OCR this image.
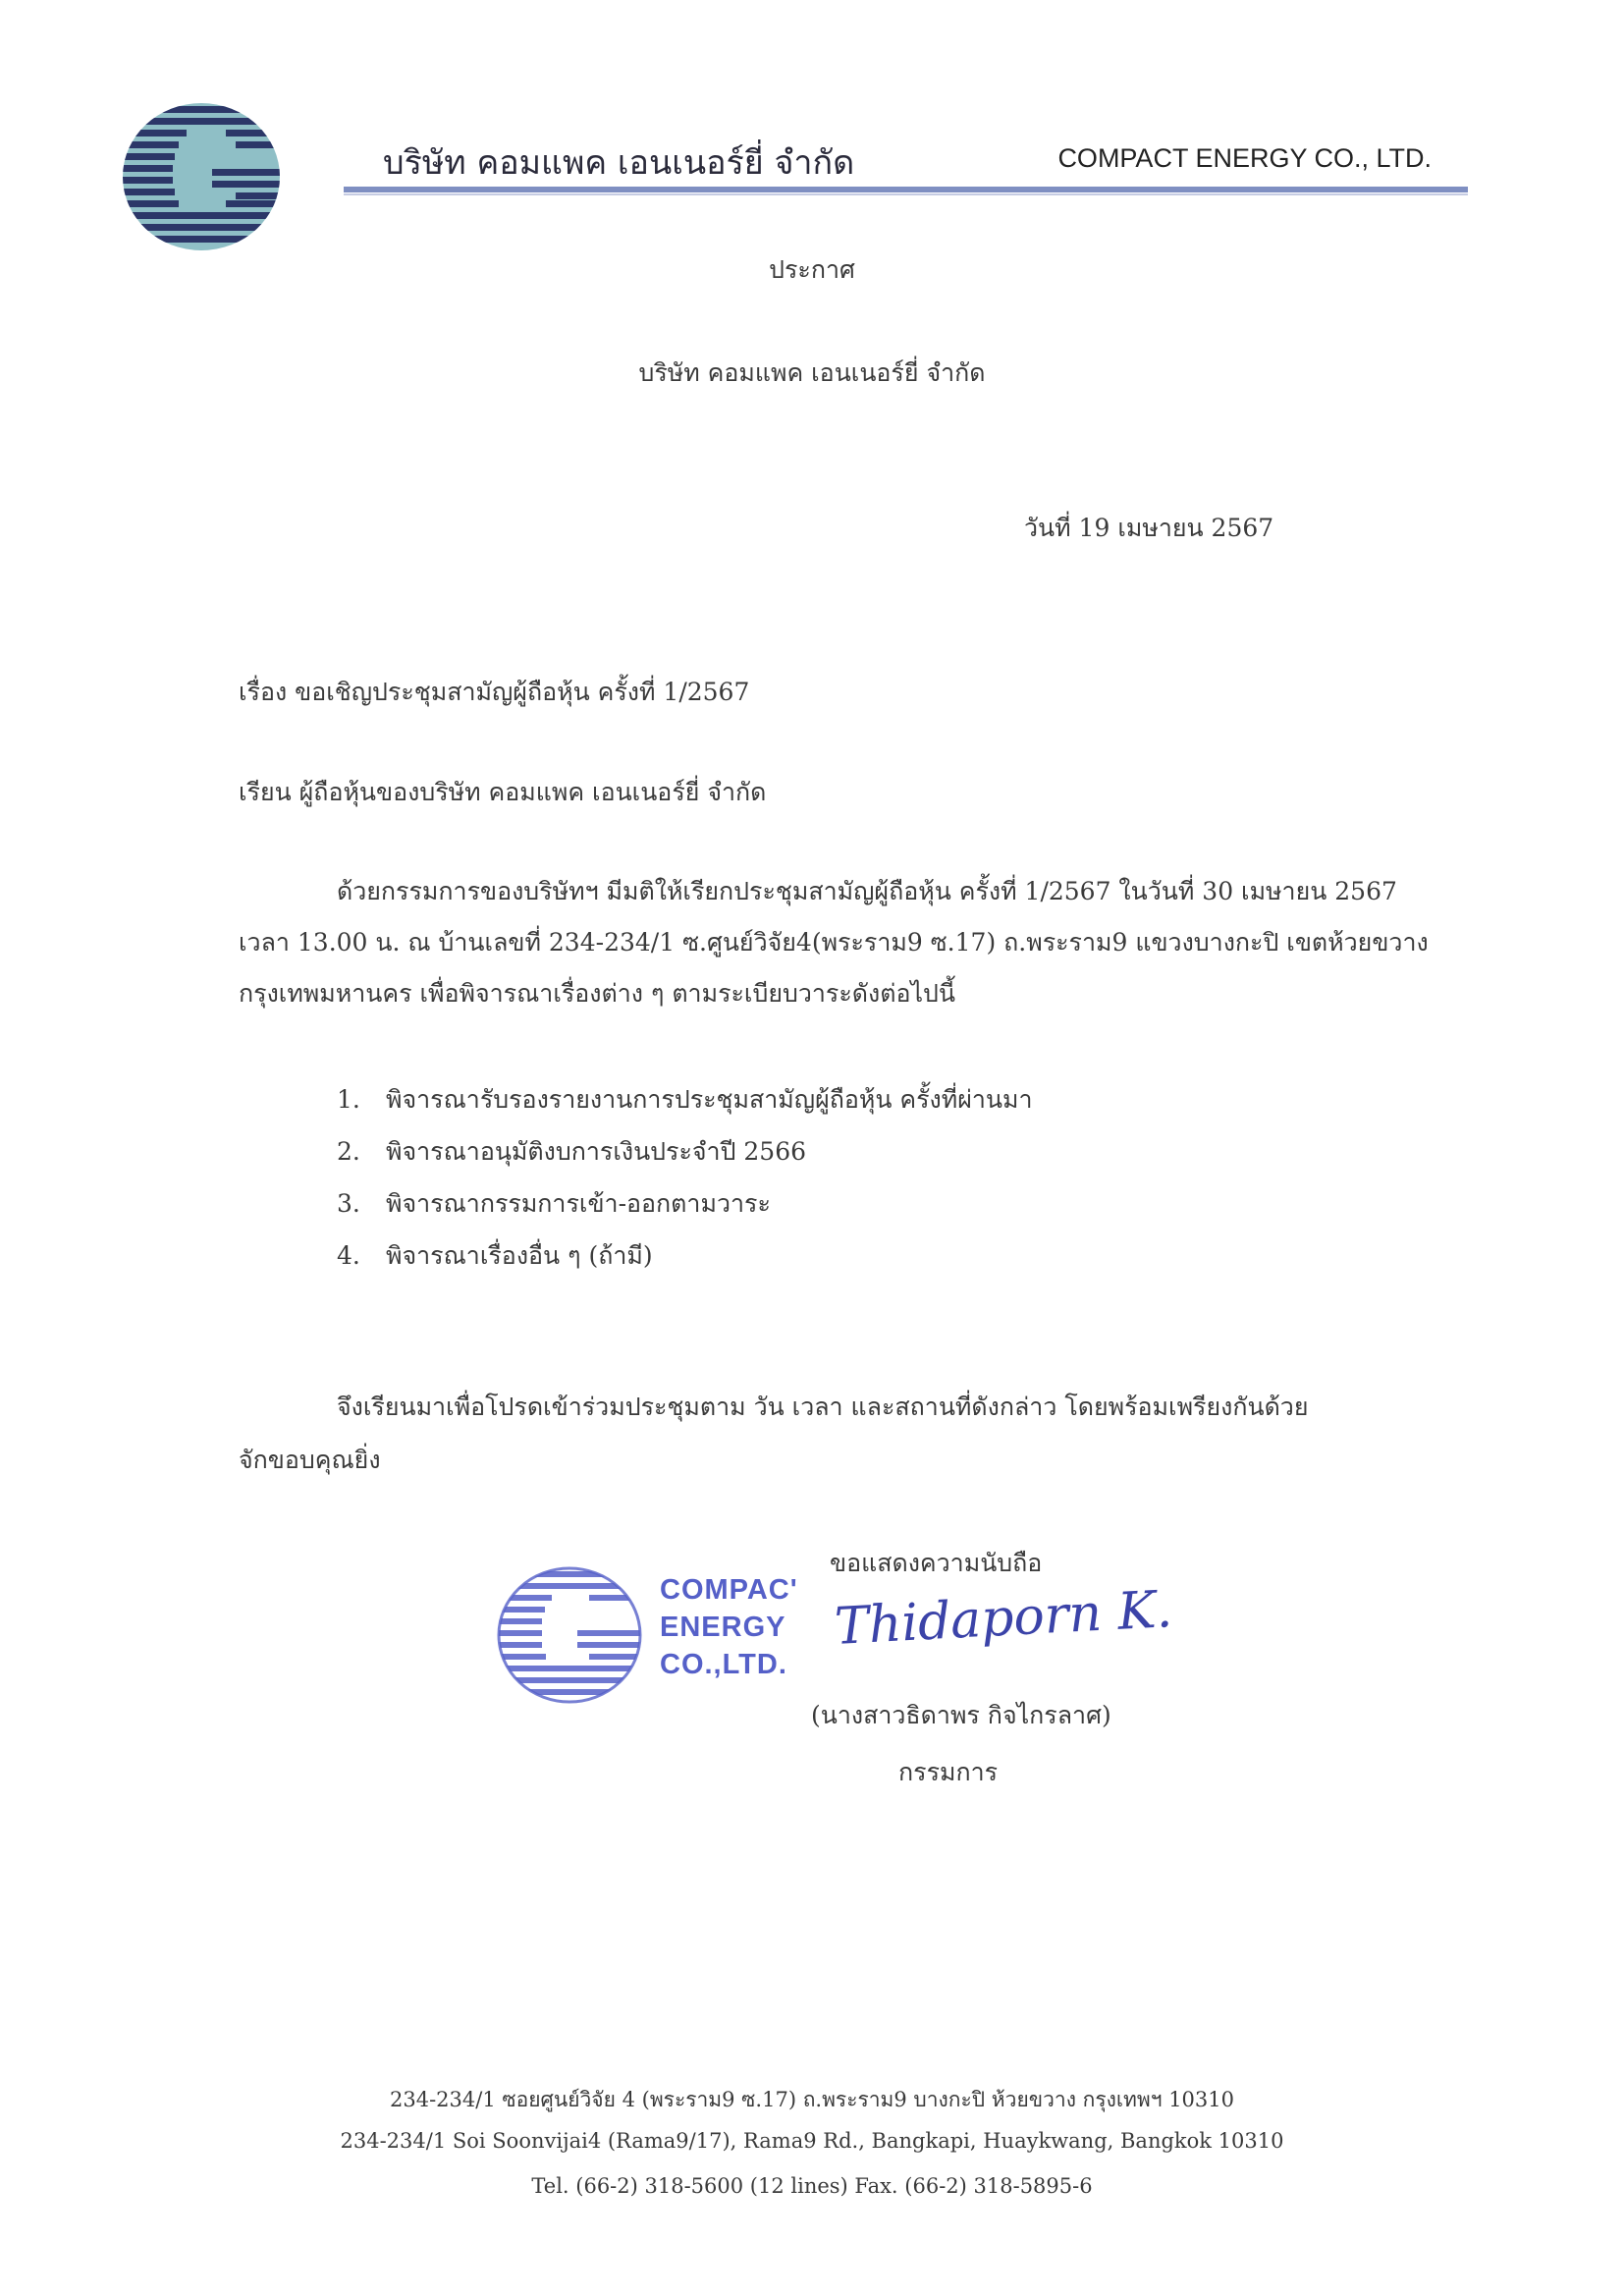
บริษัท คอมแพค เอนเนอร์ยี่ จำกัด	COMPACT ENERGY CO., LTD.
ประกาศ
บริษัท คอมแพค เอนเนอร์ยี่ จำกัด
วันที่ 19 เมษายน 2567
เรื่อง ขอเชิญประชุมสามัญผู้ถือหุ้น ครั้งที่ 1/2567
เรียน ผู้ถือหุ้นของบริษัท คอมแพค เอนเนอร์ยี่ จำกัด
ด้วยกรรมการของบริษัทฯ มีมติให้เรียกประชุมสามัญผู้ถือหุ้น ครั้งที่ 1/2567 ในวันที่ 30 เมษายน 2567
เวลา 13.00 น. ณ บ้านเลขที่ 234-234/1 ซ.ศูนย์วิจัย4(พระราม9 ซ.17) ถ.พระราม9 แขวงบางกะปิ เขตห้วยขวาง
กรุงเทพมหานคร เพื่อพิจารณาเรื่องต่าง ๆ ตามระเบียบวาระดังต่อไปนี้
1. พิจารณารับรองรายงานการประชุมสามัญผู้ถือหุ้น ครั้งที่ผ่านมา
2. พิจารณาอนุมัติงบการเงินประจำปี 2566
3. พิจารณากรรมการเข้า-ออกตามวาระ
4. พิจารณาเรื่องอื่น ๆ (ถ้ามี)
จึงเรียนมาเพื่อโปรดเข้าร่วมประชุมตาม วัน เวลา และสถานที่ดังกล่าว โดยพร้อมเพรียงกันด้วย
จักขอบคุณยิ่ง
ขอแสดงความนับถือ
COMPAC'
ENERGY
CO.,LTD.
Thidaporn K.
(นางสาวธิดาพร กิจไกรลาศ)
กรรมการ
234-234/1 ซอยศูนย์วิจัย 4 (พระราม9 ซ.17) ถ.พระราม9 บางกะปิ ห้วยขวาง กรุงเทพฯ 10310
234-234/1 Soi Soonvijai4 (Rama9/17), Rama9 Rd., Bangkapi, Huaykwang, Bangkok 10310
Tel. (66-2) 318-5600 (12 lines) Fax. (66-2) 318-5895-6
